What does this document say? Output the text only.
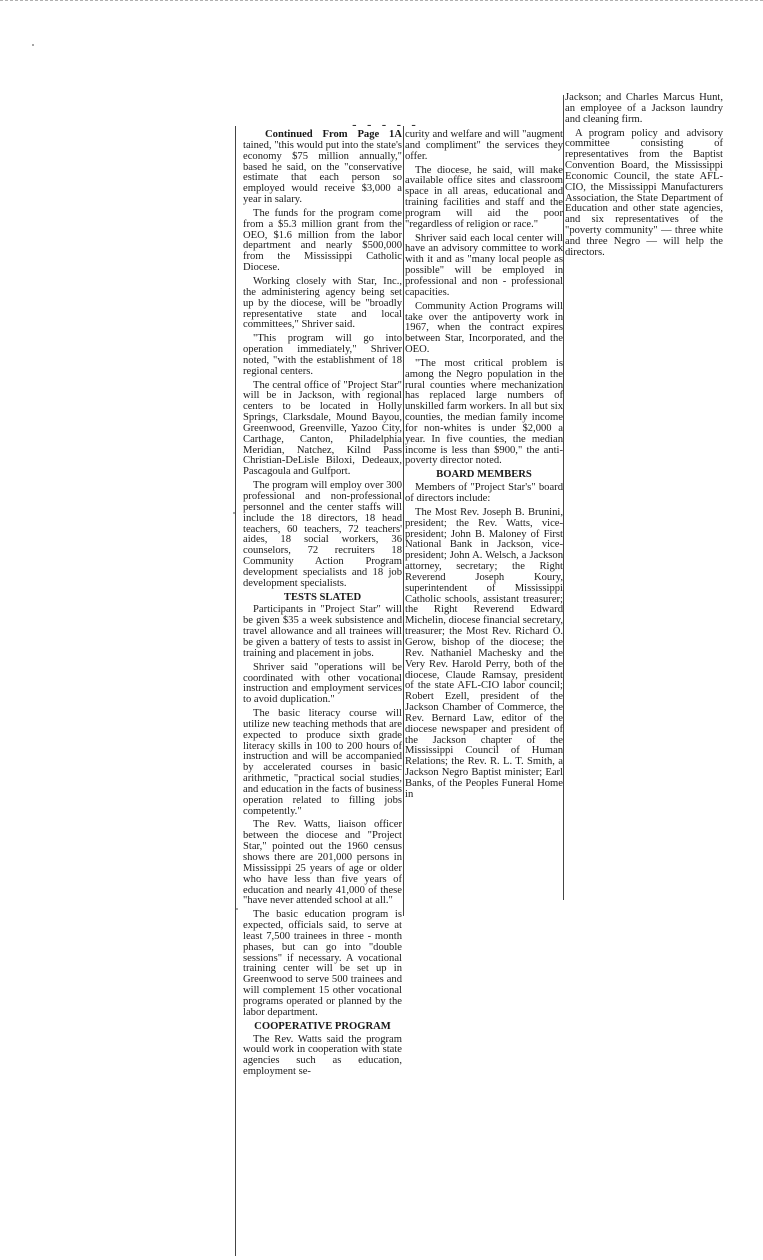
- - - - -

Continued From Page 1A tained, "this would put into the state's economy $75 million annually," based he said, on the "conservative estimate that each person so employed would receive $3,000 a year in salary.

The funds for the program come from a $5.3 million grant from the OEO, $1.6 million from the labor department and nearly $500,000 from the Mississippi Catholic Diocese.

Working closely with Star, Inc., the administering agency being set up by the diocese, will be "broadly representative state and local committees," Shriver said.

"This program will go into operation immediately," Shriver noted, "with the establishment of 18 regional centers.

The central office of "Project Star" will be in Jackson, with regional centers to be located in Holly Springs, Clarksdale, Mound Bayou, Greenwood, Greenville, Yazoo City, Carthage, Canton, Philadelphia Meridian, Natchez, Kilnd Pass Christian-DeLisle Biloxi, Dedeaux, Pascagoula and Gulfport.

The program will employ over 300 professional and non-professional personnel and the center staffs will include the 18 directors, 18 head teachers, 60 teachers, 72 teachers' aides, 18 social workers, 36 counselors, 72 recruiters 18 Community Action Program development specialists and 18 job development specialists.

TESTS SLATED

Participants in "Project Star" will be given $35 a week subsistence and travel allowance and all trainees will be given a battery of tests to assist in training and placement in jobs.

Shriver said "operations will be coordinated with other vocational instruction and employment services to avoid duplication."

The basic literacy course will utilize new teaching methods that are expected to produce sixth grade literacy skills in 100 to 200 hours of instruction and will be accompanied by accelerated courses in basic arithmetic, "practical social studies, and education in the facts of business operation related to filling jobs competently."

The Rev. Watts, liaison officer between the diocese and "Project Star," pointed out the 1960 census shows there are 201,000 persons in Mississippi 25 years of age or older who have less than five years of education and nearly 41,000 of these "have never attended school at all."

The basic education program is expected, officials said, to serve at least 7,500 trainees in three - month phases, but can go into "double sessions" if necessary. A vocational training center will be set up in Greenwood to serve 500 trainees and will complement 15 other vocational programs operated or planned by the labor department.

COOPERATIVE PROGRAM

The Rev. Watts said the program would work in cooperation with state agencies such as education, employment se-

curity and welfare and will "augment and compliment" the services they offer.

The diocese, he said, will make available office sites and classroom space in all areas, educational and training facilities and staff and the program will aid the poor "regardless of religion or race."

Shriver said each local center will have an advisory committee to work with it and as "many local people as possible" will be employed in professional and non - professional capacities.

Community Action Programs will take over the antipoverty work in 1967, when the contract expires between Star, Incorporated, and the OEO.

"The most critical problem is among the Negro population in the rural counties where mechanization has replaced large numbers of unskilled farm workers. In all but six counties, the median family income for non-whites is under $2,000 a year. In five counties, the median income is less than $900," the anti-poverty director noted.

BOARD MEMBERS

Members of "Project Star's" board of directors include:

The Most Rev. Joseph B. Brunini, president; the Rev. Watts, vice-president; John B. Maloney of First National Bank in Jackson, vice-president; John A. Welsch, a Jackson attorney, secretary; the Right Reverend Joseph Koury, superintendent of Mississippi Catholic schools, assistant treasurer; the Right Reverend Edward Michelin, diocese financial secretary, treasurer; the Most Rev. Richard O. Gerow, bishop of the diocese; the Rev. Nathaniel Machesky and the Very Rev. Harold Perry, both of the diocese, Claude Ramsay, president of the state AFL-CIO labor council; Robert Ezell, president of the Jackson Chamber of Commerce, the Rev. Bernard Law, editor of the diocese newspaper and president of the Jackson chapter of the Mississippi Council of Human Relations; the Rev. R. L. T. Smith, a Jackson Negro Baptist minister; Earl Banks, of the Peoples Funeral Home in

Jackson; and Charles Marcus Hunt, an employee of a Jackson laundry and cleaning firm.

A program policy and advisory committee consisting of representatives from the Baptist Convention Board, the Mississippi Economic Council, the state AFL-CIO, the Mississippi Manufacturers Association, the State Department of Education and other state agencies, and six representatives of the "poverty community" — three white and three Negro — will help the directors.
